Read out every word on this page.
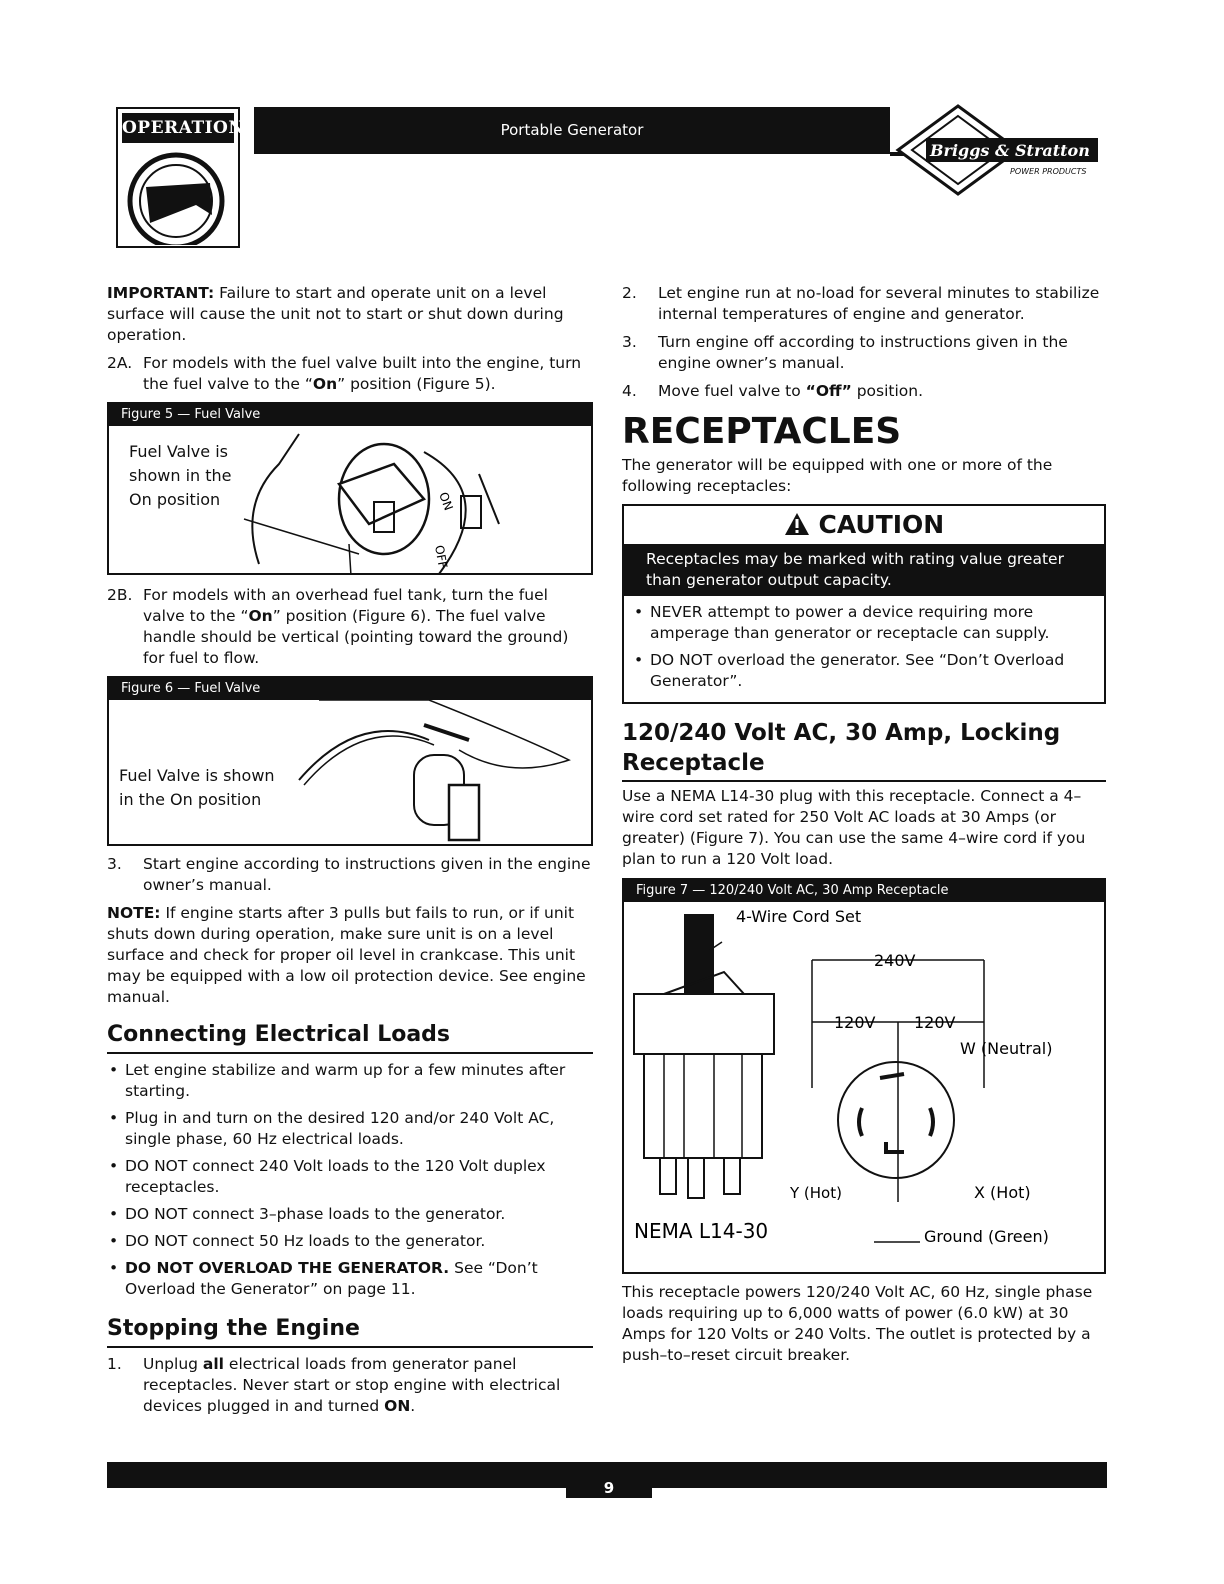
OPERATION	Portable Generator
Briggs & Stratton
POWER PRODUCTS

IMPORTANT: Failure to start and operate unit on a level surface will cause the unit not to start or shut down during operation.

2A. For models with the fuel valve built into the engine, turn the fuel valve to the “On” position (Figure 5).
Figure 5 — Fuel Valve
Fuel Valve is
shown in the
On position	ON
OFF
2B. For models with an overhead fuel tank, turn the fuel valve to the “On” position (Figure 6). The fuel valve handle should be vertical (pointing toward the ground) for fuel to flow.
Figure 6 — Fuel Valve
Fuel Valve is shown
in the On position
3. Start engine according to instructions given in the engine owner’s manual.

NOTE: If engine starts after 3 pulls but fails to run, or if unit shuts down during operation, make sure unit is on a level surface and check for proper oil level in crankcase. This unit may be equipped with a low oil protection device. See engine manual.

Connecting Electrical Loads
• Let engine stabilize and warm up for a few minutes after starting.
• Plug in and turn on the desired 120 and/or 240 Volt AC, single phase, 60 Hz electrical loads.
• DO NOT connect 240 Volt loads to the 120 Volt duplex receptacles.
• DO NOT connect 3–phase loads to the generator.
• DO NOT connect 50 Hz loads to the generator.
• DO NOT OVERLOAD THE GENERATOR. See “Don’t Overload the Generator” on page 11.
Stopping the Engine
1. Unplug all electrical loads from generator panel receptacles. Never start or stop engine with electrical devices plugged in and turned ON.
2. Let engine run at no-load for several minutes to stabilize internal temperatures of engine and generator.
3. Turn engine off according to instructions given in the engine owner’s manual.
4. Move fuel valve to “Off” position.
RECEPTACLES

The generator will be equipped with one or more of the following receptacles:

CAUTION
Receptacles may be marked with rating value greater than generator output capacity.
• NEVER attempt to power a device requiring more amperage than generator or receptacle can supply.
• DO NOT overload the generator. See “Don’t Overload Generator”.
120/240 Volt AC, 30 Amp, Locking Receptacle

Use a NEMA L14-30 plug with this receptacle. Connect a 4–wire cord set rated for 250 Volt AC loads at 30 Amps (or greater) (Figure 7). You can use the same 4–wire cord if you plan to run a 120 Volt load.

Figure 7 — 120/240 Volt AC, 30 Amp Receptacle
4-Wire Cord Set
NEMA L14-30
240V
120V 120V
W (Neutral)
Y (Hot)	X (Hot)
Ground (Green)

This receptacle powers 120/240 Volt AC, 60 Hz, single phase loads requiring up to 6,000 watts of power (6.0 kW) at 30 Amps for 120 Volts or 240 Volts. The outlet is protected by a push–to–reset circuit breaker.

9
